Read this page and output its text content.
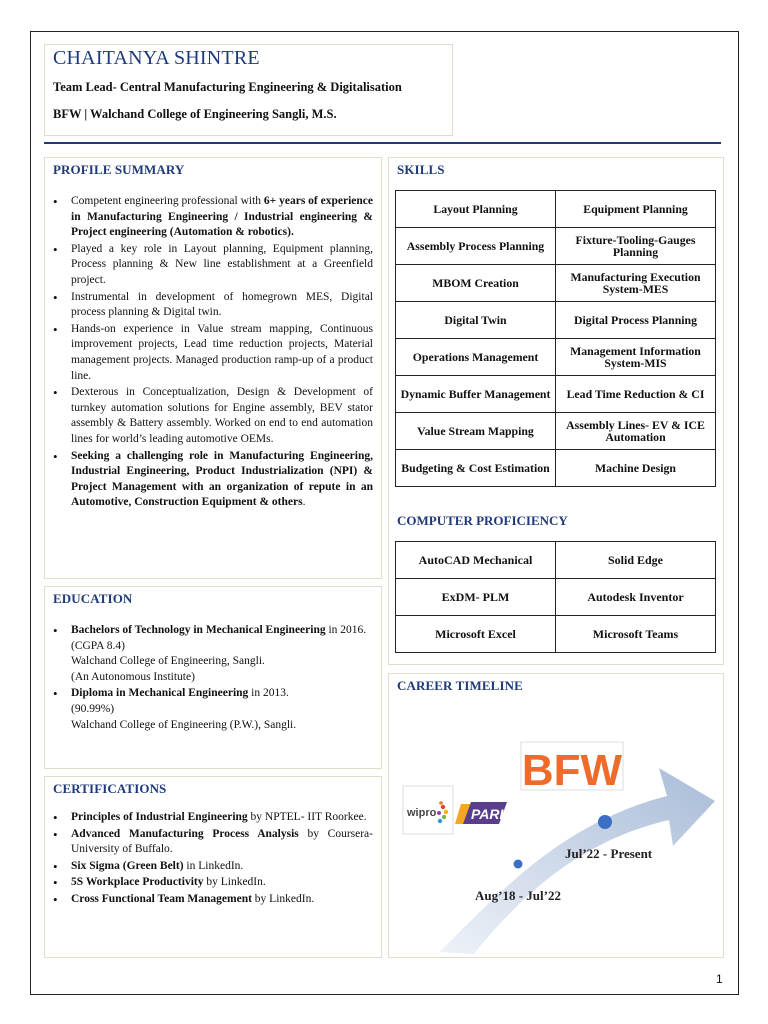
CHAITANYA SHINTRE
Team Lead- Central Manufacturing Engineering & Digitalisation
BFW | Walchand College of Engineering Sangli, M.S.
PROFILE SUMMARY
• Competent engineering professional with 6+ years of experience in Manufacturing Engineering / Industrial engineering & Project engineering (Automation & robotics).
• Played a key role in Layout planning, Equipment planning, Process planning & New line establishment at a Greenfield project.
• Instrumental in development of homegrown MES, Digital process planning & Digital twin.
• Hands-on experience in Value stream mapping, Continuous improvement projects, Lead time reduction projects, Material management projects. Managed production ramp-up of a product line.
• Dexterous in Conceptualization, Design & Development of turnkey automation solutions for Engine assembly, BEV stator assembly & Battery assembly. Worked on end to end automation lines for world’s leading automotive OEMs.
• Seeking a challenging role in Manufacturing Engineering, Industrial Engineering, Product Industrialization (NPI) & Project Management with an organization of repute in an Automotive, Construction Equipment & others.
EDUCATION
• Bachelors of Technology in Mechanical Engineering in 2016.
(CGPA 8.4)
Walchand College of Engineering, Sangli.
(An Autonomous Institute)
• Diploma in Mechanical Engineering in 2013.
(90.99%)
Walchand College of Engineering (P.W.), Sangli.
CERTIFICATIONS
• Principles of Industrial Engineering by NPTEL- IIT Roorkee.
• Advanced Manufacturing Process Analysis by Coursera- University of Buffalo.
• Six Sigma (Green Belt) in LinkedIn.
• 5S Workplace Productivity by LinkedIn.
• Cross Functional Team Management by LinkedIn.
SKILLS
Layout Planning	Equipment Planning
Assembly Process Planning	Fixture-Tooling-Gauges Planning
MBOM Creation	Manufacturing Execution System-MES
Digital Twin	Digital Process Planning
Operations Management	Management Information System-MIS
Dynamic Buffer Management	Lead Time Reduction & CI
Value Stream Mapping	Assembly Lines- EV & ICE Automation
Budgeting & Cost Estimation	Machine Design
COMPUTER PROFICIENCY
AutoCAD Mechanical	Solid Edge
ExDM- PLM	Autodesk Inventor
Microsoft Excel	Microsoft Teams
CAREER TIMELINE
Aug’18 - Jul’22
Jul’22 - Present
wipro PARI
BFW
1
